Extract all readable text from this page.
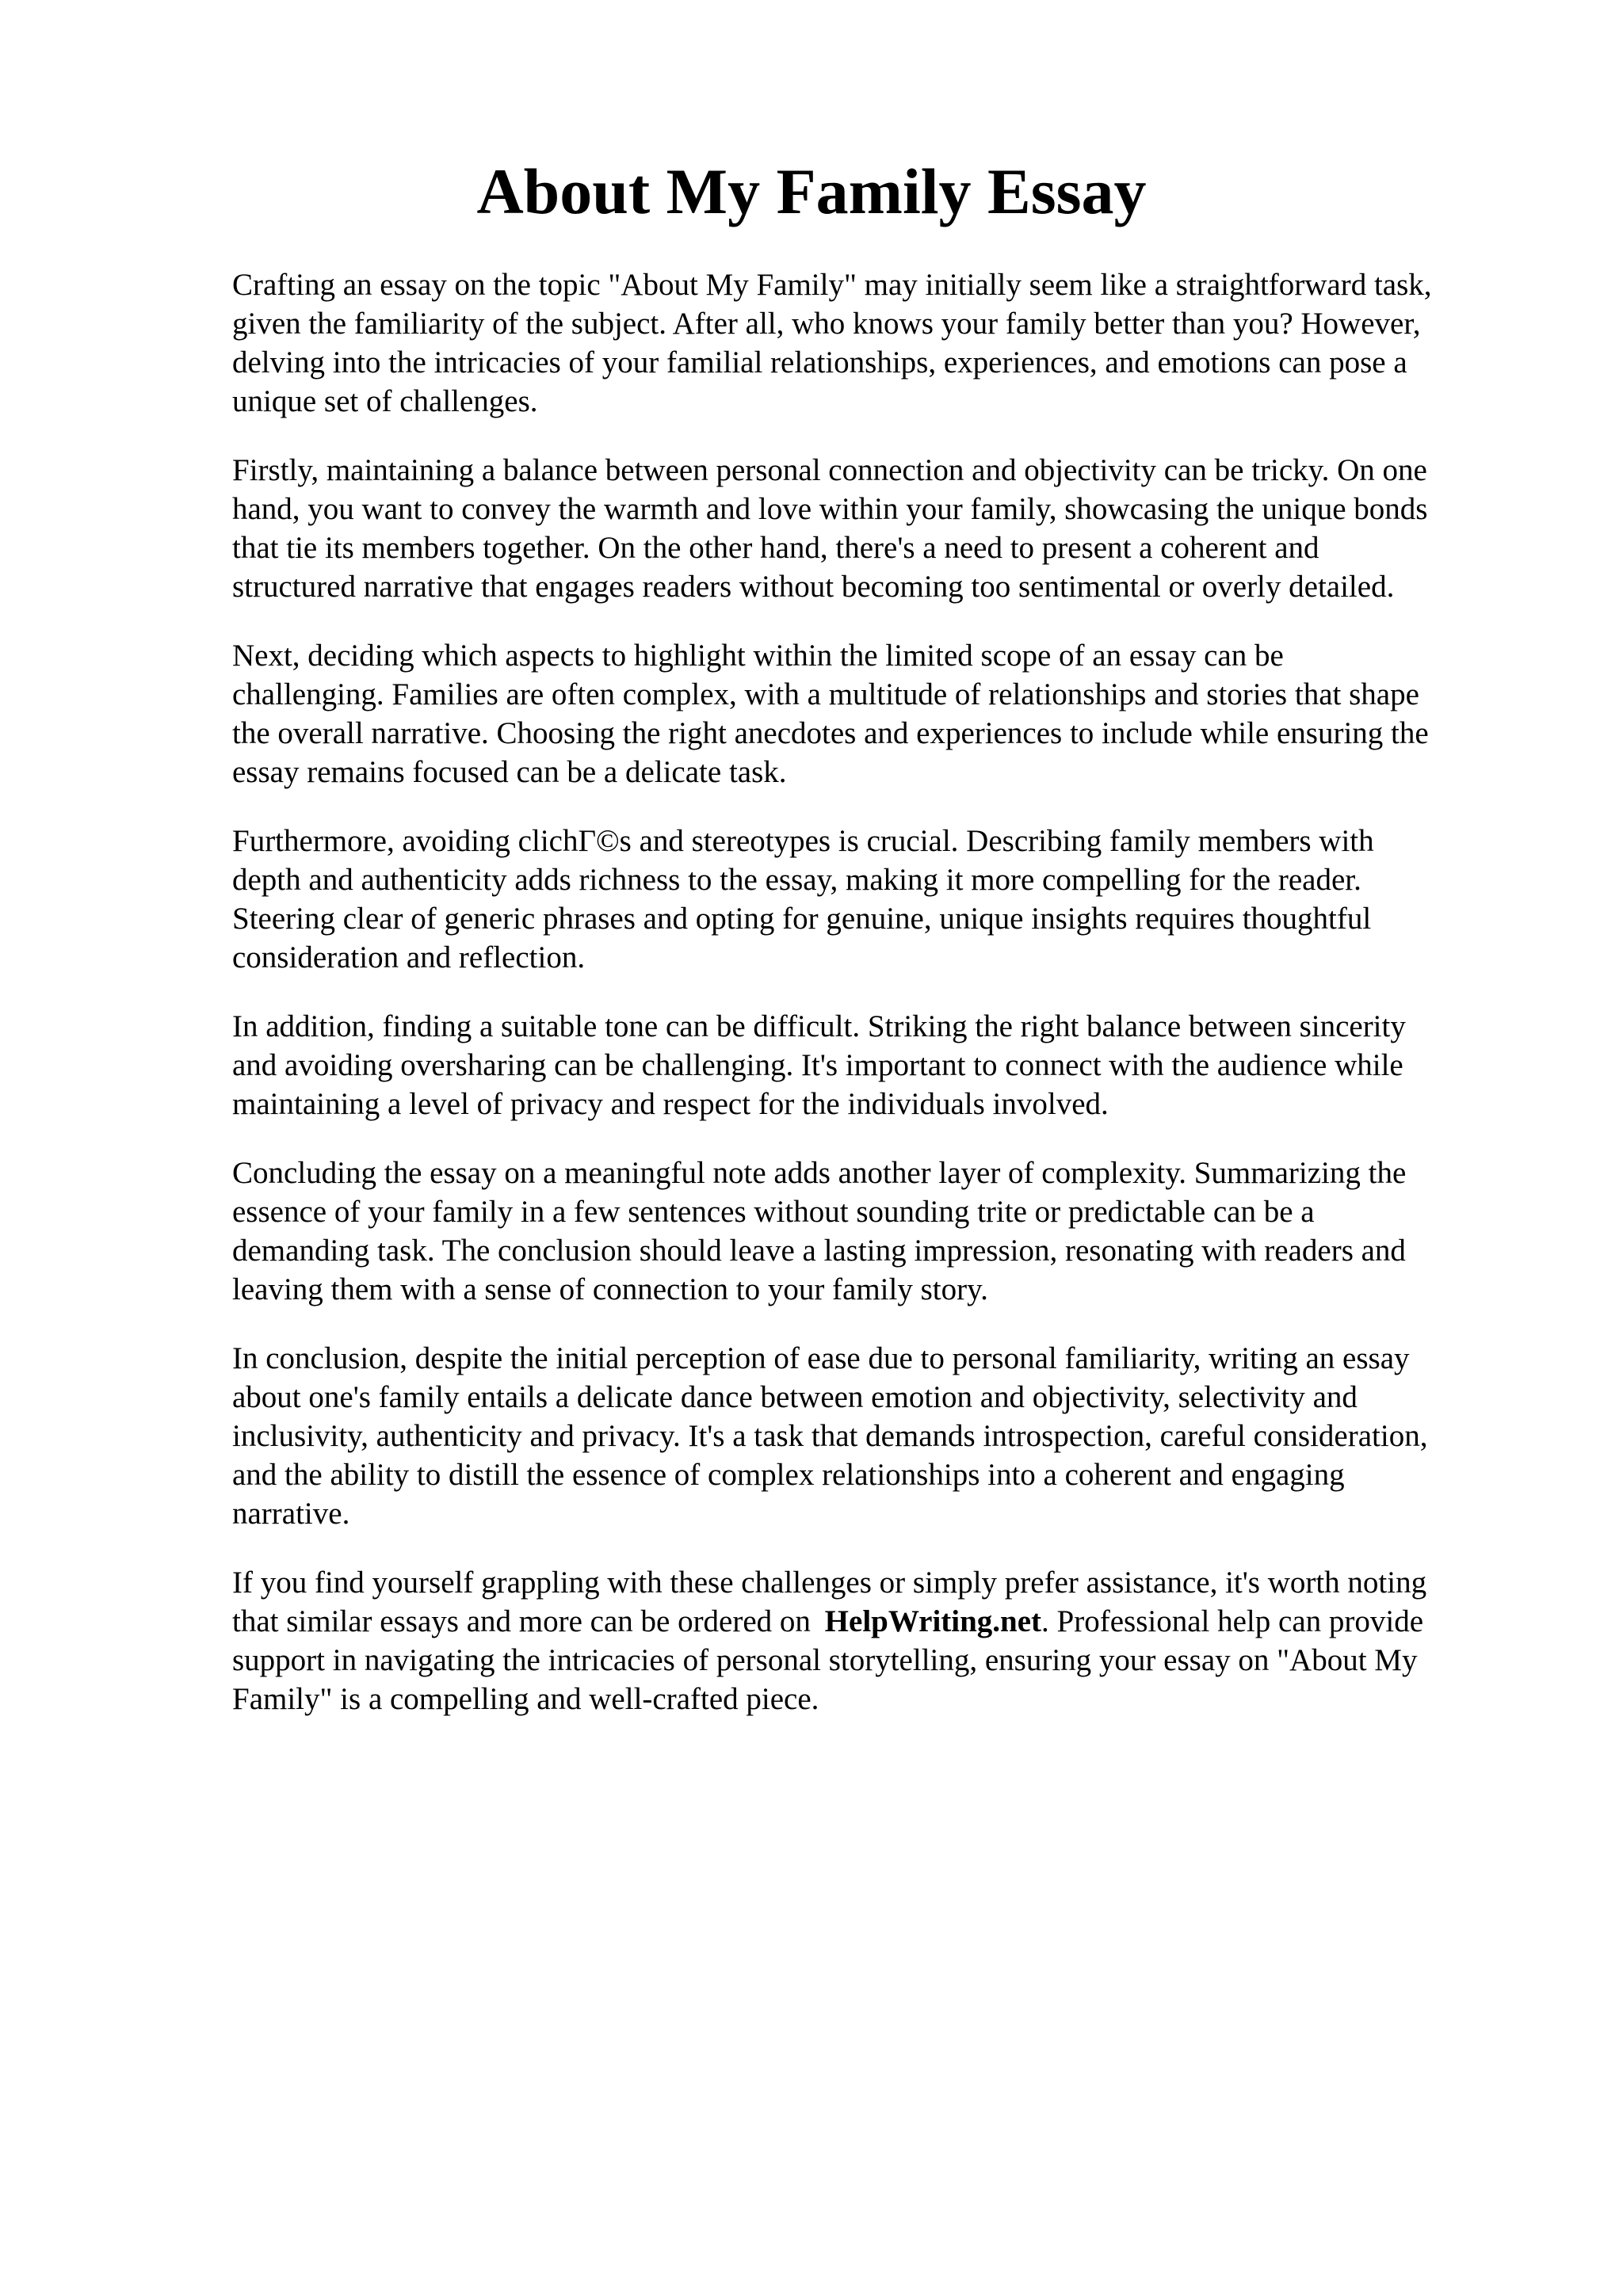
About My Family Essay

Crafting an essay on the topic "About My Family" may initially seem like a straightforward task,
given the familiarity of the subject. After all, who knows your family better than you? However,
delving into the intricacies of your familial relationships, experiences, and emotions can pose a
unique set of challenges.

Firstly, maintaining a balance between personal connection and objectivity can be tricky. On one
hand, you want to convey the warmth and love within your family, showcasing the unique bonds
that tie its members together. On the other hand, there's a need to present a coherent and
structured narrative that engages readers without becoming too sentimental or overly detailed.

Next, deciding which aspects to highlight within the limited scope of an essay can be
challenging. Families are often complex, with a multitude of relationships and stories that shape
the overall narrative. Choosing the right anecdotes and experiences to include while ensuring the
essay remains focused can be a delicate task.

Furthermore, avoiding clichГ©s and stereotypes is crucial. Describing family members with
depth and authenticity adds richness to the essay, making it more compelling for the reader.
Steering clear of generic phrases and opting for genuine, unique insights requires thoughtful
consideration and reflection.

In addition, finding a suitable tone can be difficult. Striking the right balance between sincerity
and avoiding oversharing can be challenging. It's important to connect with the audience while
maintaining a level of privacy and respect for the individuals involved.

Concluding the essay on a meaningful note adds another layer of complexity. Summarizing the
essence of your family in a few sentences without sounding trite or predictable can be a
demanding task. The conclusion should leave a lasting impression, resonating with readers and
leaving them with a sense of connection to your family story.

In conclusion, despite the initial perception of ease due to personal familiarity, writing an essay
about one's family entails a delicate dance between emotion and objectivity, selectivity and
inclusivity, authenticity and privacy. It's a task that demands introspection, careful consideration,
and the ability to distill the essence of complex relationships into a coherent and engaging
narrative.

If you find yourself grappling with these challenges or simply prefer assistance, it's worth noting
that similar essays and more can be ordered on HelpWriting.net. Professional help can provide
support in navigating the intricacies of personal storytelling, ensuring your essay on "About My
Family" is a compelling and well-crafted piece.
